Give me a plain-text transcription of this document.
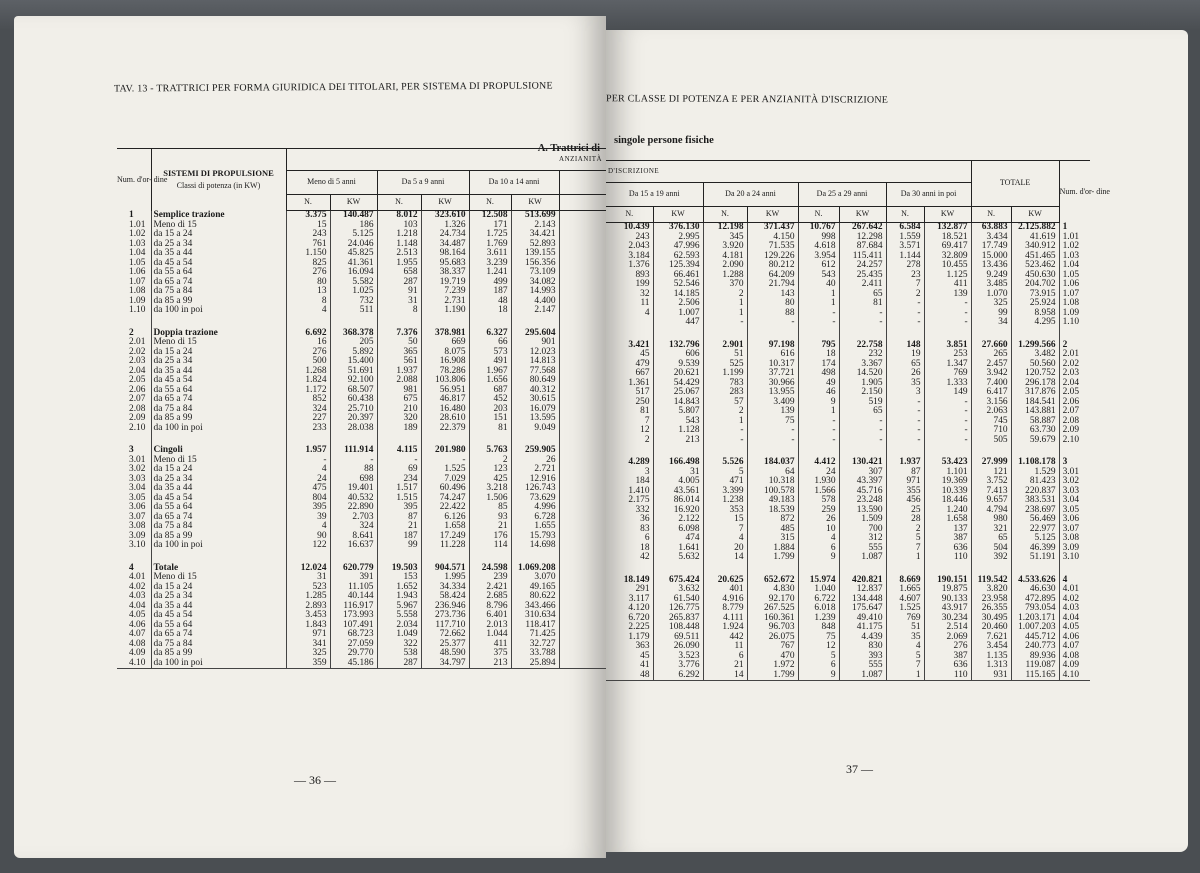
TAV. 13 - TRATTRICI PER FORMA GIURIDICA DEI TITOLARI, PER SISTEMA DI PROPULSIONE
A. Trattrici di
Num. d'or- dine	SISTEMI DI PROPULSIONE
Classi di potenza (in KW)	ANZIANITÀ						
		Meno di 5 anni		Da 5 a 9 anni		Da 10 a 14 anni		
		N.	KW	N.	KW	N.	KW	
1	Semplice trazione	3.375	140.487	8.012	323.610	12.508	513.699	
1.01	Meno di 15	15	186	103	1.326	171	2.143	
1.02	da 15 a 24	243	5.125	1.218	24.734	1.725	34.421	
1.03	da 25 a 34	761	24.046	1.148	34.487	1.769	52.893	
1.04	da 35 a 44	1.150	45.825	2.513	98.164	3.611	139.155	
1.05	da 45 a 54	825	41.361	1.955	95.683	3.239	156.356	
1.06	da 55 a 64	276	16.094	658	38.337	1.241	73.109	
1.07	da 65 a 74	80	5.582	287	19.719	499	34.082	
1.08	da 75 a 84	13	1.025	91	7.239	187	14.993	
1.09	da 85 a 99	8	732	31	2.731	48	4.400	
1.10	da 100 in poi	4	511	8	1.190	18	2.147	

2	Doppia trazione	6.692	368.378	7.376	378.981	6.327	295.604	
2.01	Meno di 15	16	205	50	669	66	901	
2.02	da 15 a 24	276	5.892	365	8.075	573	12.023	
2.03	da 25 a 34	500	15.400	561	16.908	491	14.813	
2.04	da 35 a 44	1.268	51.691	1.937	78.286	1.967	77.568	
2.05	da 45 a 54	1.824	92.100	2.088	103.806	1.656	80.649	
2.06	da 55 a 64	1.172	68.507	981	56.951	687	40.312	
2.07	da 65 a 74	852	60.438	675	46.817	452	30.615	
2.08	da 75 a 84	324	25.710	210	16.480	203	16.079	
2.09	da 85 a 99	227	20.397	320	28.610	151	13.595	
2.10	da 100 in poi	233	28.038	189	22.379	81	9.049	

3	Cingoli	1.957	111.914	4.115	201.980	5.763	259.905	
3.01	Meno di 15	-	-	-	-	2	26	
3.02	da 15 a 24	4	88	69	1.525	123	2.721	
3.03	da 25 a 34	24	698	234	7.029	425	12.916	
3.04	da 35 a 44	475	19.401	1.517	60.496	3.218	126.743	
3.05	da 45 a 54	804	40.532	1.515	74.247	1.506	73.629	
3.06	da 55 a 64	395	22.890	395	22.422	85	4.996	
3.07	da 65 a 74	39	2.703	87	6.126	93	6.728	
3.08	da 75 a 84	4	324	21	1.658	21	1.655	
3.09	da 85 a 99	90	8.641	187	17.249	176	15.793	
3.10	da 100 in poi	122	16.637	99	11.228	114	14.698	

4	Totale	12.024	620.779	19.503	904.571	24.598	1.069.208	
4.01	Meno di 15	31	391	153	1.995	239	3.070	
4.02	da 15 a 24	523	11.105	1.652	34.334	2.421	49.165	
4.03	da 25 a 34	1.285	40.144	1.943	58.424	2.685	80.622	
4.04	da 35 a 44	2.893	116.917	5.967	236.946	8.796	343.466	
4.05	da 45 a 54	3.453	173.993	5.558	273.736	6.401	310.634	
4.06	da 55 a 64	1.843	107.491	2.034	117.710	2.013	118.417	
4.07	da 65 a 74	971	68.723	1.049	72.662	1.044	71.425	
4.08	da 75 a 84	341	27.059	322	25.377	411	32.727	
4.09	da 85 a 99	325	29.770	538	48.590	375	33.788	
4.10	da 100 in poi	359	45.186	287	34.797	213	25.894	
— 36 —
PER CLASSE DI POTENZA E PER ANZIANITÀ D'ISCRIZIONE
singole persone fisiche
D'ISCRIZIONE								TOTALE		Num. d'or- dine
Da 15 a 19 anni		Da 20 a 24 anni		Da 25 a 29 anni		Da 30 anni in poi				
N.	KW	N.	KW	N.	KW	N.	KW	N.	KW	
10.439	376.130	12.198	371.437	10.767	267.642	6.584	132.877	63.883	2.125.882	1
243	2.995	345	4.150	998	12.298	1.559	18.521	3.434	41.619	1.01
2.043	47.996	3.920	71.535	4.618	87.684	3.571	69.417	17.749	340.912	1.02
3.184	62.593	4.181	129.226	3.954	115.411	1.144	32.809	15.000	451.465	1.03
1.376	125.394	2.090	80.212	612	24.257	278	10.455	13.436	523.462	1.04
893	66.461	1.288	64.209	543	25.435	23	1.125	9.249	450.630	1.05
199	52.546	370	21.794	40	2.411	7	411	3.485	204.702	1.06
32	14.185	2	143	1	65	2	139	1.070	73.915	1.07
11	2.506	1	80	1	81	-	-	325	25.924	1.08
4	1.007	1	88	-	-	-	-	99	8.958	1.09
	447	-	-	-	-	-	-	34	4.295	1.10

3.421	132.796	2.901	97.198	795	22.758	148	3.851	27.660	1.299.566	2
45	606	51	616	18	232	19	253	265	3.482	2.01
479	9.539	525	10.317	174	3.367	65	1.347	2.457	50.560	2.02
667	20.621	1.199	37.721	498	14.520	26	769	3.942	120.752	2.03
1.361	54.429	783	30.966	49	1.905	35	1.333	7.400	296.178	2.04
517	25.067	283	13.955	46	2.150	3	149	6.417	317.876	2.05
250	14.843	57	3.409	9	519	-	-	3.156	184.541	2.06
81	5.807	2	139	1	65	-	-	2.063	143.881	2.07
7	543	1	75	-	-	-	-	745	58.887	2.08
12	1.128	-	-	-	-	-	-	710	63.730	2.09
2	213	-	-	-	-	-	-	505	59.679	2.10

4.289	166.498	5.526	184.037	4.412	130.421	1.937	53.423	27.999	1.108.178	3
3	31	5	64	24	307	87	1.101	121	1.529	3.01
184	4.005	471	10.318	1.930	43.397	971	19.369	3.752	81.423	3.02
1.410	43.561	3.399	100.578	1.566	45.716	355	10.339	7.413	220.837	3.03
2.175	86.014	1.238	49.183	578	23.248	456	18.446	9.657	383.531	3.04
332	16.920	353	18.539	259	13.590	25	1.240	4.794	238.697	3.05
36	2.122	15	872	26	1.509	28	1.658	980	56.469	3.06
83	6.098	7	485	10	700	2	137	321	22.977	3.07
6	474	4	315	4	312	5	387	65	5.125	3.08
18	1.641	20	1.884	6	555	7	636	504	46.399	3.09
42	5.632	14	1.799	9	1.087	1	110	392	51.191	3.10

18.149	675.424	20.625	652.672	15.974	420.821	8.669	190.151	119.542	4.533.626	4
291	3.632	401	4.830	1.040	12.837	1.665	19.875	3.820	46.630	4.01
3.117	61.540	4.916	92.170	6.722	134.448	4.607	90.133	23.958	472.895	4.02
4.120	126.775	8.779	267.525	6.018	175.647	1.525	43.917	26.355	793.054	4.03
6.720	265.837	4.111	160.361	1.239	49.410	769	30.234	30.495	1.203.171	4.04
2.225	108.448	1.924	96.703	848	41.175	51	2.514	20.460	1.007.203	4.05
1.179	69.511	442	26.075	75	4.439	35	2.069	7.621	445.712	4.06
363	26.090	11	767	12	830	4	276	3.454	240.773	4.07
45	3.523	6	470	5	393	5	387	1.135	89.936	4.08
41	3.776	21	1.972	6	555	7	636	1.313	119.087	4.09
48	6.292	14	1.799	9	1.087	1	110	931	115.165	4.10
37 —
